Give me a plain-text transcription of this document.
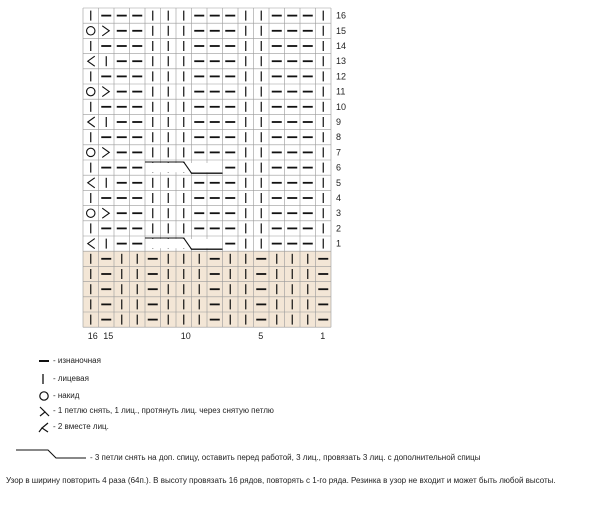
16
15
14
13
12
11
10
9
8
7
6
5
4
3
2
1
16 15	10	5	1
- изнаночная
- лицевая
- накид
- 1 петлю снять, 1 лиц., протянуть лиц. через снятую петлю
- 2 вместе лиц.
- 3 петли снять на доп. спицу, оставить перед работой, 3 лиц., провязать 3 лиц. с дополнительной спицы
Узор в ширину повторить 4 раза (64п.). В высоту провязать 16 рядов, повторять с 1-го ряда. Резинка в узор не входит и может быть любой высоты.
